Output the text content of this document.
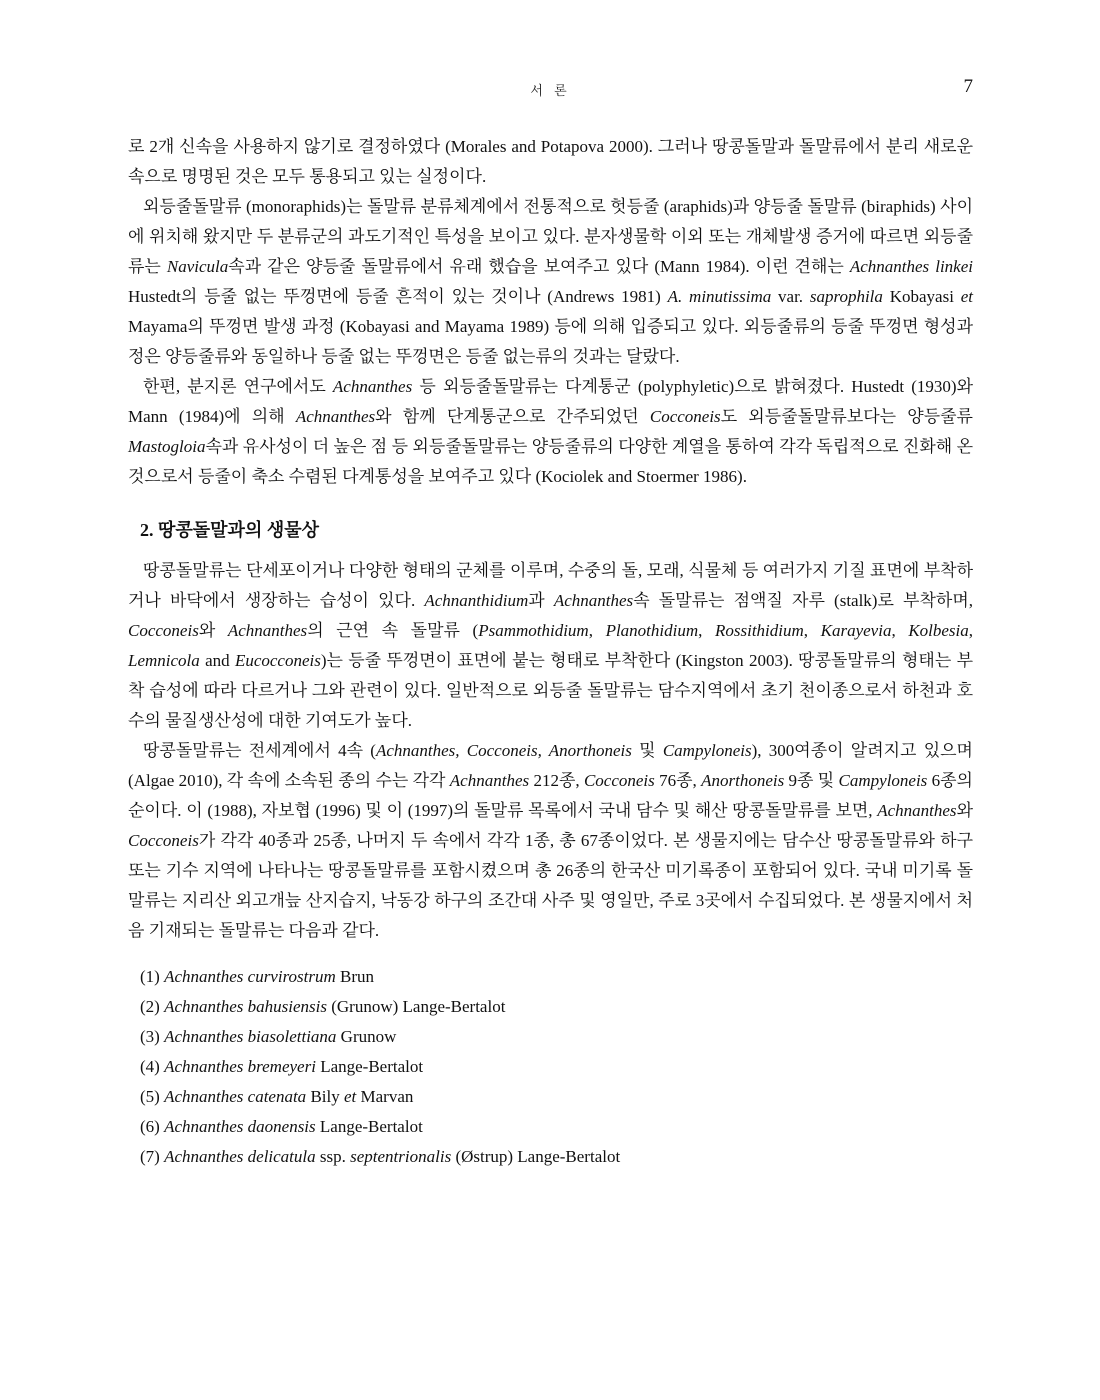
서 론	7

로 2개 신속을 사용하지 않기로 결정하였다 (Morales and Potapova 2000). 그러나 땅콩돌말과 돌말류에서 분리 새로운 속으로 명명된 것은 모두 통용되고 있는 실정이다.

외등줄돌말류 (monoraphids)는 돌말류 분류체계에서 전통적으로 헛등줄 (araphids)과 양등줄 돌말류 (biraphids) 사이에 위치해 왔지만 두 분류군의 과도기적인 특성을 보이고 있다. 분자생물학 이외 또는 개체발생 증거에 따르면 외등줄류는 Navicula속과 같은 양등줄 돌말류에서 유래 했습을 보여주고 있다 (Mann 1984). 이런 견해는 Achnanthes linkei Hustedt의 등줄 없는 뚜껑면에 등줄 흔적이 있는 것이나 (Andrews 1981) A. minutissima var. saprophila Kobayasi et Mayama의 뚜껑면 발생 과정 (Kobayasi and Mayama 1989) 등에 의해 입증되고 있다. 외등줄류의 등줄 뚜껑면 형성과정은 양등줄류와 동일하나 등줄 없는 뚜껑면은 등줄 없는류의 것과는 달랐다.

한편, 분지론 연구에서도 Achnanthes 등 외등줄돌말류는 다계통군 (polyphyletic)으로 밝혀졌다. Hustedt (1930)와 Mann (1984)에 의해 Achnanthes와 함께 단계통군으로 간주되었던 Cocconeis도 외등줄돌말류보다는 양등줄류 Mastogloia속과 유사성이 더 높은 점 등 외등줄돌말류는 양등줄류의 다양한 계열을 통하여 각각 독립적으로 진화해 온 것으로서 등줄이 축소 수렴된 다계통성을 보여주고 있다 (Kociolek and Stoermer 1986).

2. 땅콩돌말과의 생물상

땅콩돌말류는 단세포이거나 다양한 형태의 군체를 이루며, 수중의 돌, 모래, 식물체 등 여러가지 기질 표면에 부착하거나 바닥에서 생장하는 습성이 있다. Achnanthidium과 Achnanthes속 돌말류는 점액질 자루 (stalk)로 부착하며, Cocconeis와 Achnanthes의 근연 속 돌말류 (Psammothidium, Planothidium, Rossithidium, Karayevia, Kolbesia, Lemnicola and Eucocconeis)는 등줄 뚜껑면이 표면에 붙는 형태로 부착한다 (Kingston 2003). 땅콩돌말류의 형태는 부착 습성에 따라 다르거나 그와 관련이 있다. 일반적으로 외등줄 돌말류는 담수지역에서 초기 천이종으로서 하천과 호수의 물질생산성에 대한 기여도가 높다.

땅콩돌말류는 전세계에서 4속 (Achnanthes, Cocconeis, Anorthoneis 및 Campyloneis), 300여종이 알려지고 있으며 (Algae 2010), 각 속에 소속된 종의 수는 각각 Achnanthes 212종, Cocconeis 76종, Anorthoneis 9종 및 Campyloneis 6종의 순이다. 이 (1988), 자보협 (1996) 및 이 (1997)의 돌말류 목록에서 국내 담수 및 해산 땅콩돌말류를 보면, Achnanthes와 Cocconeis가 각각 40종과 25종, 나머지 두 속에서 각각 1종, 총 67종이었다. 본 생물지에는 담수산 땅콩돌말류와 하구 또는 기수 지역에 나타나는 땅콩돌말류를 포함시켰으며 총 26종의 한국산 미기록종이 포함되어 있다. 국내 미기록 돌말류는 지리산 외고개늪 산지습지, 낙동강 하구의 조간대 사주 및 영일만, 주로 3곳에서 수집되었다. 본 생물지에서 처음 기재되는 돌말류는 다음과 같다.

(1) Achnanthes curvirostrum Brun
(2) Achnanthes bahusiensis (Grunow) Lange-Bertalot
(3) Achnanthes biasolettiana Grunow
(4) Achnanthes bremeyeri Lange-Bertalot
(5) Achnanthes catenata Bily et Marvan
(6) Achnanthes daonensis Lange-Bertalot
(7) Achnanthes delicatula ssp. septentrionalis (Østrup) Lange-Bertalot
